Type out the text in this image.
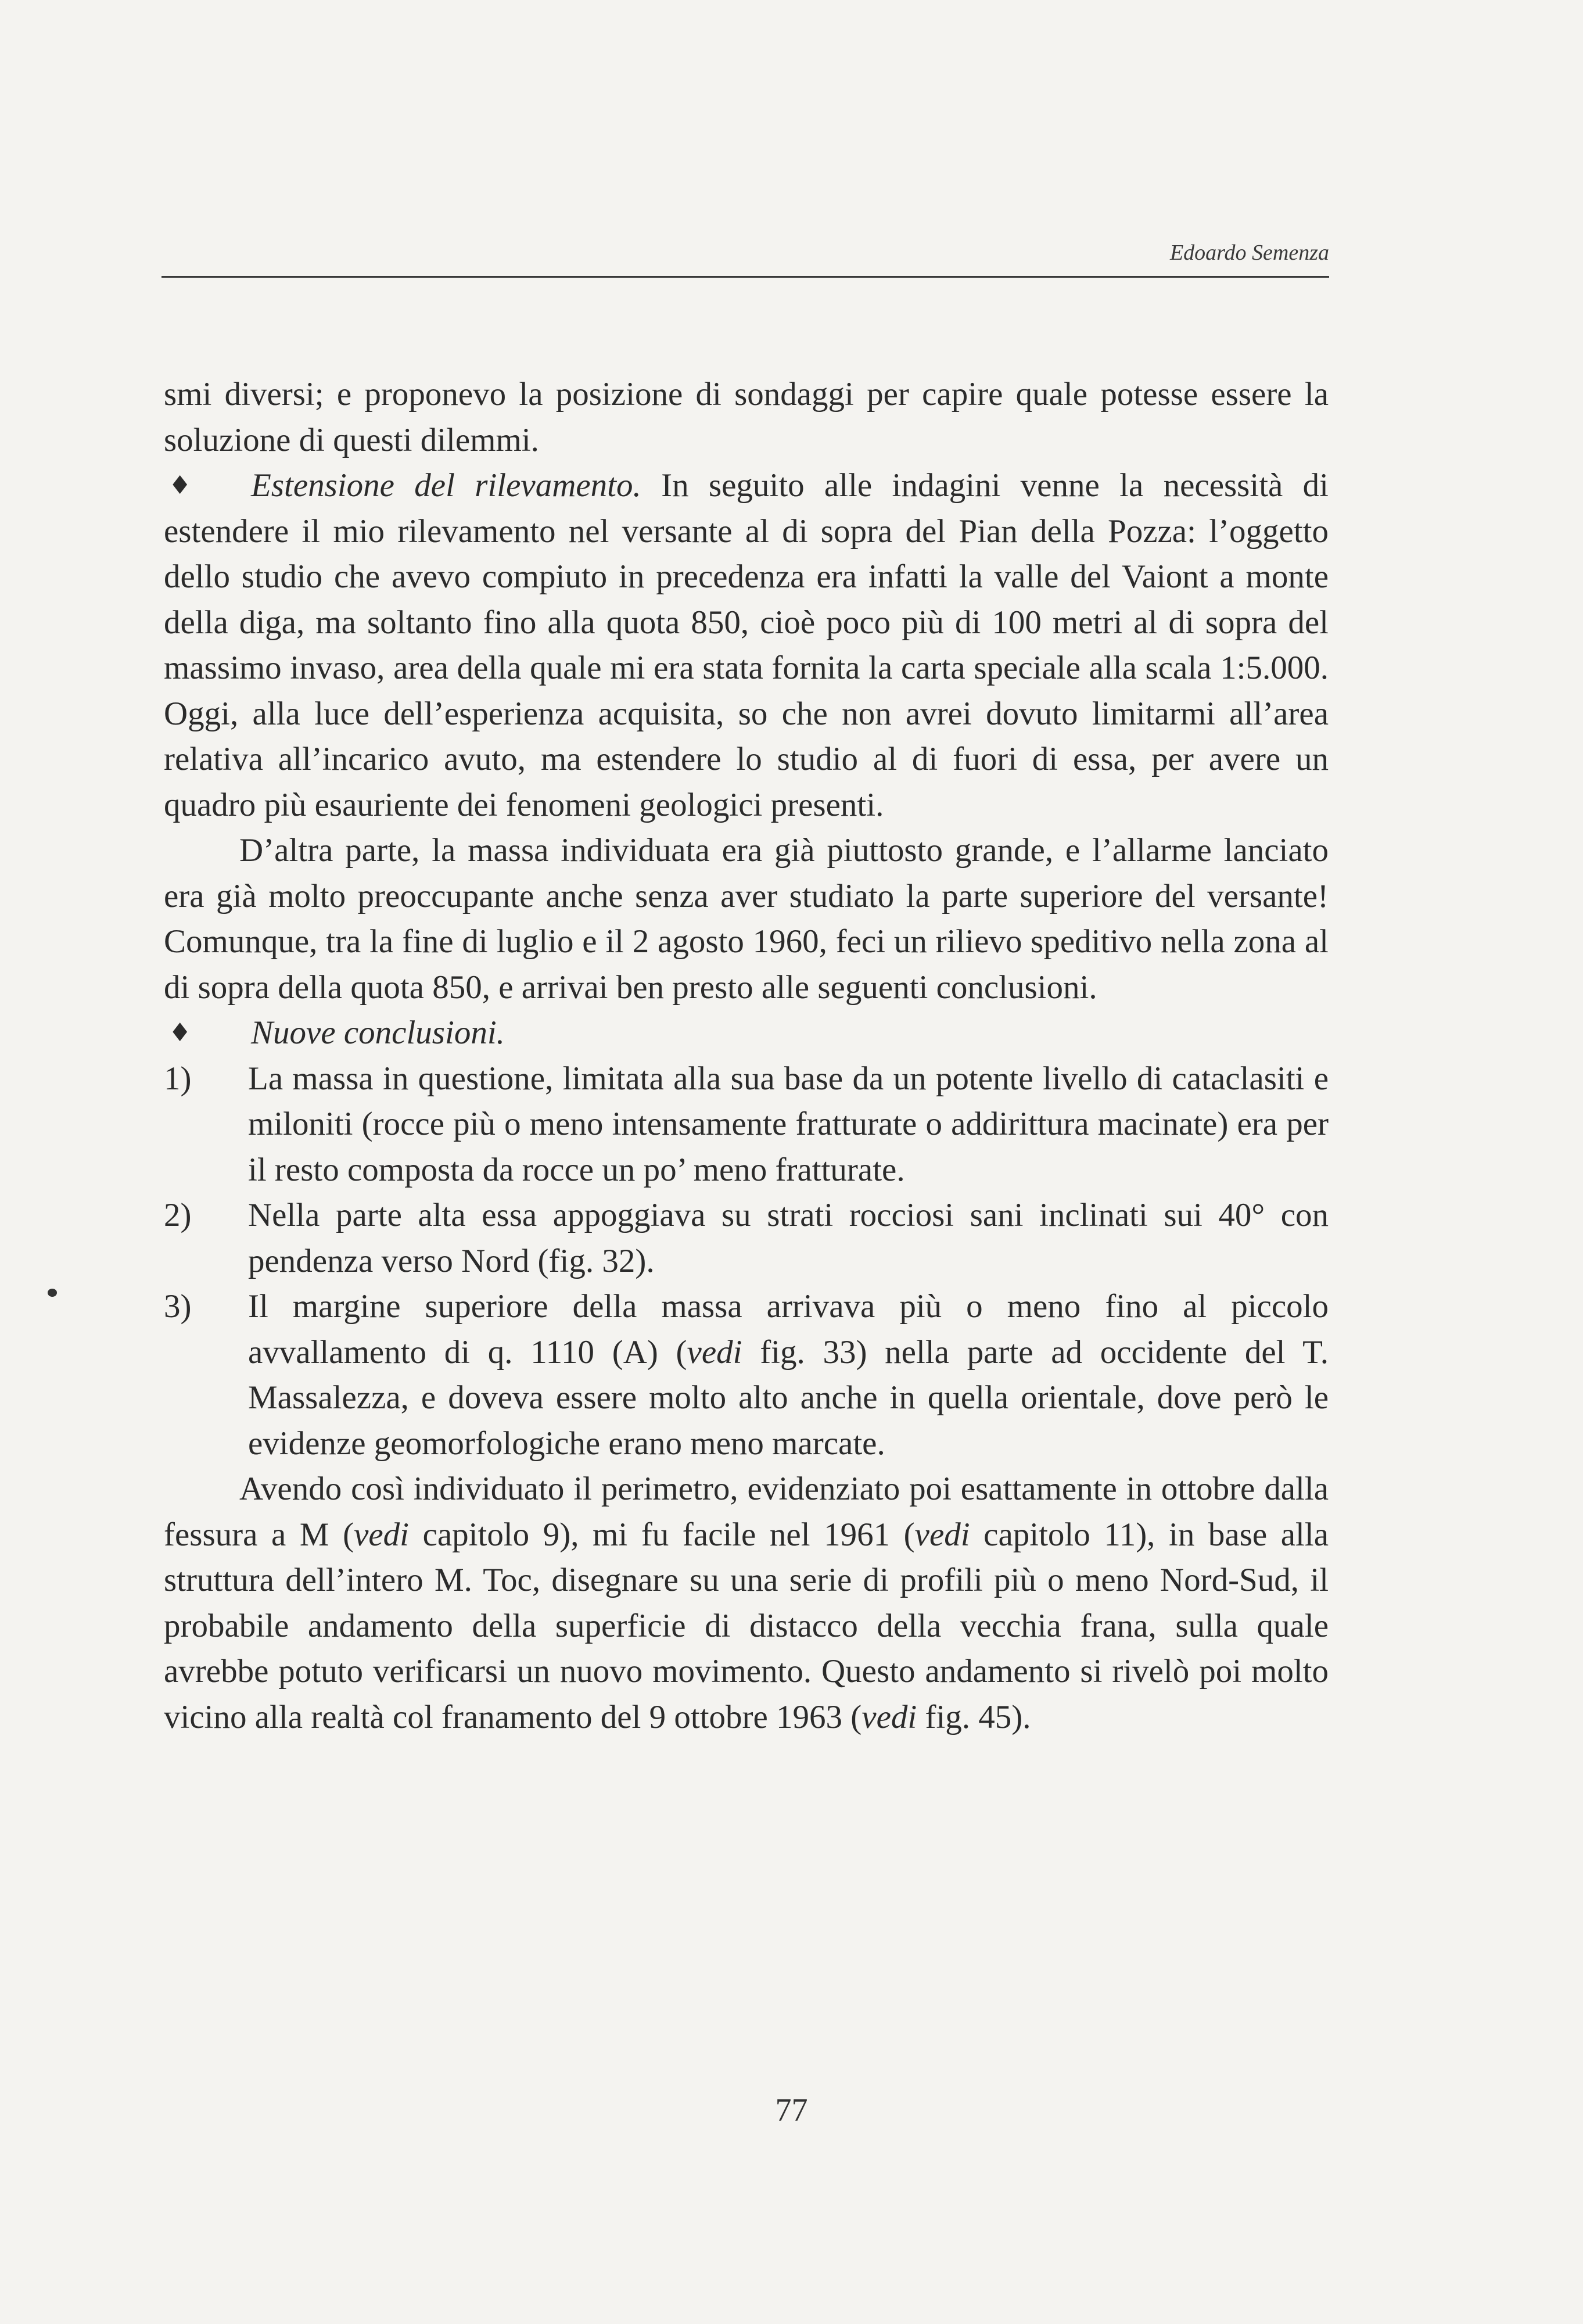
Edoardo Semenza

smi diversi; e proponevo la posizione di sondaggi per capire quale potesse essere la soluzione di questi dilemmi.

♦ Estensione del rilevamento. In seguito alle indagini venne la necessità di estendere il mio rilevamento nel versante al di sopra del Pian della Pozza: l’oggetto dello studio che avevo compiuto in precedenza era infatti la valle del Vaiont a monte della diga, ma soltanto fino alla quota 850, cioè poco più di 100 metri al di sopra del massimo invaso, area della quale mi era stata fornita la carta speciale alla scala 1:5.000. Oggi, alla luce dell’esperienza acquisita, so che non avrei dovuto limitarmi all’area relativa all’incarico avuto, ma estendere lo studio al di fuori di essa, per avere un quadro più esauriente dei fenomeni geologici presenti.

D’altra parte, la massa individuata era già piuttosto grande, e l’allarme lanciato era già molto preoccupante anche senza aver studiato la parte superiore del versante! Comunque, tra la fine di luglio e il 2 agosto 1960, feci un rilievo speditivo nella zona al di sopra della quota 850, e arrivai ben presto alle seguenti conclusioni.

♦ Nuove conclusioni.

1)	La massa in questione, limitata alla sua base da un potente livello di cataclasiti e miloniti (rocce più o meno intensamente fratturate o addirittura macinate) era per il resto composta da rocce un po’ meno fratturate.

2)	Nella parte alta essa appoggiava su strati rocciosi sani inclinati sui 40° con pendenza verso Nord (fig. 32).

3)	Il margine superiore della massa arrivava più o meno fino al piccolo avvallamento di q. 1110 (A) (vedi fig. 33) nella parte ad occidente del T. Massalezza, e doveva essere molto alto anche in quella orientale, dove però le evidenze geomorfologiche erano meno marcate.

Avendo così individuato il perimetro, evidenziato poi esattamente in ottobre dalla fessura a M (vedi capitolo 9), mi fu facile nel 1961 (vedi capitolo 11), in base alla struttura dell’intero M. Toc, disegnare su una serie di profili più o meno Nord-Sud, il probabile andamento della superficie di distacco della vecchia frana, sulla quale avrebbe potuto verificarsi un nuovo movimento. Questo andamento si rivelò poi molto vicino alla realtà col franamento del 9 ottobre 1963 (vedi fig. 45).

77
